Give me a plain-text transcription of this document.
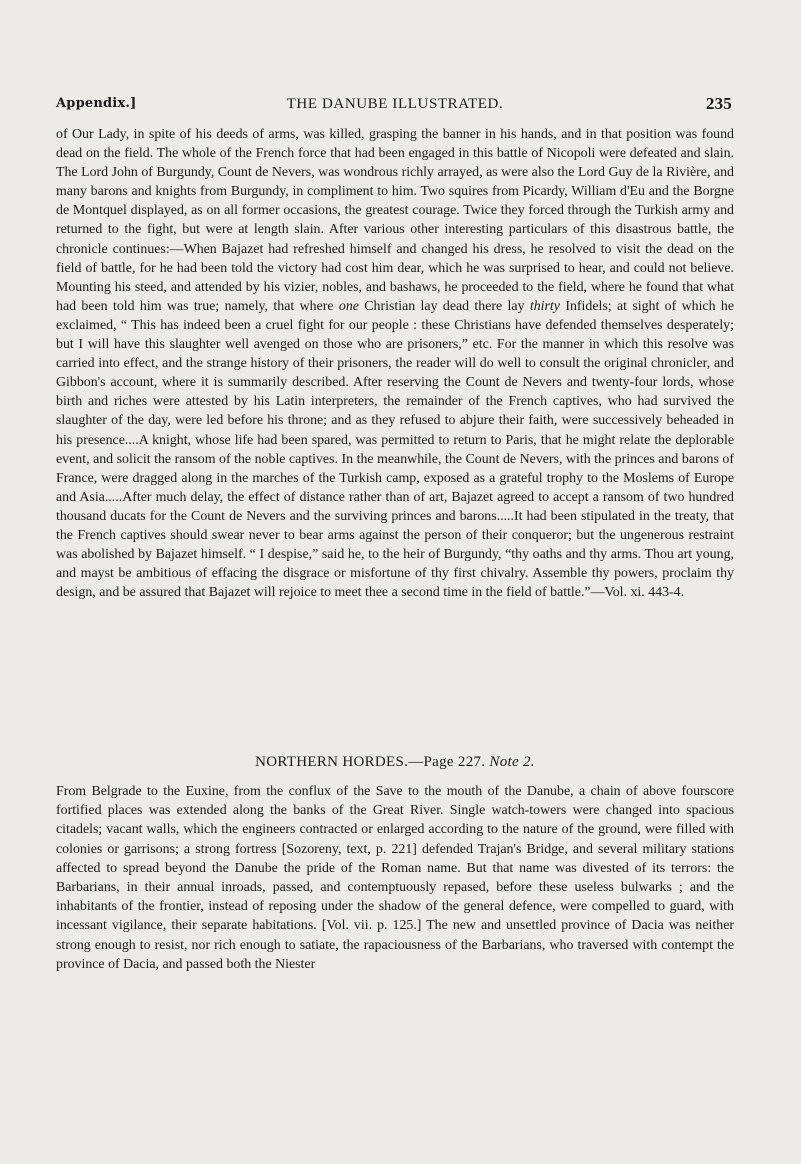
Appendix.]	THE DANUBE ILLUSTRATED.	235

of Our Lady, in spite of his deeds of arms, was killed, grasping the banner in his hands, and in that position was found dead on the field. The whole of the French force that had been engaged in this battle of Nicopoli were defeated and slain. The Lord John of Burgundy, Count de Nevers, was wondrous richly arrayed, as were also the Lord Guy de la Rivière, and many barons and knights from Burgundy, in compliment to him. Two squires from Picardy, William d'Eu and the Borgne de Montquel displayed, as on all former occasions, the greatest courage. Twice they forced through the Turkish army and returned to the fight, but were at length slain. After various other interesting particulars of this disastrous battle, the chronicle continues:—When Bajazet had refreshed himself and changed his dress, he resolved to visit the dead on the field of battle, for he had been told the victory had cost him dear, which he was surprised to hear, and could not believe. Mounting his steed, and attended by his vizier, nobles, and bashaws, he proceeded to the field, where he found that what had been told him was true; namely, that where one Christian lay dead there lay thirty Infidels; at sight of which he exclaimed, “ This has indeed been a cruel fight for our people : these Christians have defended themselves desperately; but I will have this slaughter well avenged on those who are prisoners,” etc. For the manner in which this resolve was carried into effect, and the strange history of their prisoners, the reader will do well to consult the original chronicler, and Gibbon's account, where it is summarily described. After reserving the Count de Nevers and twenty-four lords, whose birth and riches were attested by his Latin interpreters, the remainder of the French captives, who had survived the slaughter of the day, were led before his throne; and as they refused to abjure their faith, were successively beheaded in his presence....A knight, whose life had been spared, was permitted to return to Paris, that he might relate the deplorable event, and solicit the ransom of the noble captives. In the meanwhile, the Count de Nevers, with the princes and barons of France, were dragged along in the marches of the Turkish camp, exposed as a grateful trophy to the Moslems of Europe and Asia.....After much delay, the effect of distance rather than of art, Bajazet agreed to accept a ransom of two hundred thousand ducats for the Count de Nevers and the surviving princes and barons.....It had been stipulated in the treaty, that the French captives should swear never to bear arms against the person of their conqueror; but the ungenerous restraint was abolished by Bajazet himself. “ I despise,” said he, to the heir of Burgundy, “thy oaths and thy arms. Thou art young, and mayst be ambitious of effacing the disgrace or misfortune of thy first chivalry. Assemble thy powers, proclaim thy design, and be assured that Bajazet will rejoice to meet thee a second time in the field of battle.”—Vol. xi. 443-4.

NORTHERN HORDES.—Page 227. Note 2.

From Belgrade to the Euxine, from the conflux of the Save to the mouth of the Danube, a chain of above fourscore fortified places was extended along the banks of the Great River. Single watch-towers were changed into spacious citadels; vacant walls, which the engineers contracted or enlarged according to the nature of the ground, were filled with colonies or garrisons; a strong fortress [Sozoreny, text, p. 221] defended Trajan's Bridge, and several military stations affected to spread beyond the Danube the pride of the Roman name. But that name was divested of its terrors: the Barbarians, in their annual inroads, passed, and contemptuously repased, before these useless bulwarks ; and the inhabitants of the frontier, instead of reposing under the shadow of the general defence, were compelled to guard, with incessant vigilance, their separate habitations. [Vol. vii. p. 125.] The new and unsettled province of Dacia was neither strong enough to resist, nor rich enough to satiate, the rapaciousness of the Barbarians, who traversed with contempt the province of Dacia, and passed both the Niester
